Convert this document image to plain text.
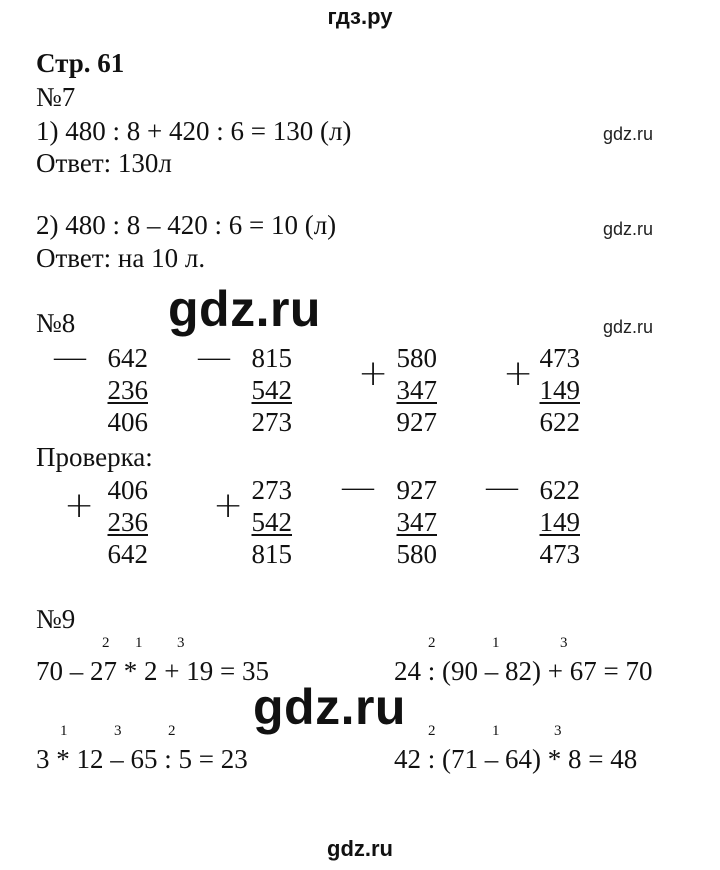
гдз.ру
gdz.ru
Стр. 61
№7
1) 480 : 8 + 420 : 6 = 130 (л)
Ответ: 130л
2) 480 : 8 – 420 : 6 = 10 (л)
Ответ: на 10 л.
gdz.ru
gdz.ru
gdz.ru
gdz.ru
gdz.ru
№8
— 642
236
406
— 815
542
273
+ 580
347
927
+ 473
149
622
Проверка:
+ 406
236
642
+ 273
542
815
— 927
347
580
— 622
149
473
№9
2 1 3
70 – 27 * 2 + 19 = 35
2	1	3
24 : (90 – 82) + 67 = 70
1	3	2
3 * 12 – 65 : 5 = 23
2	1	3
42 : (71 – 64) * 8 = 48
